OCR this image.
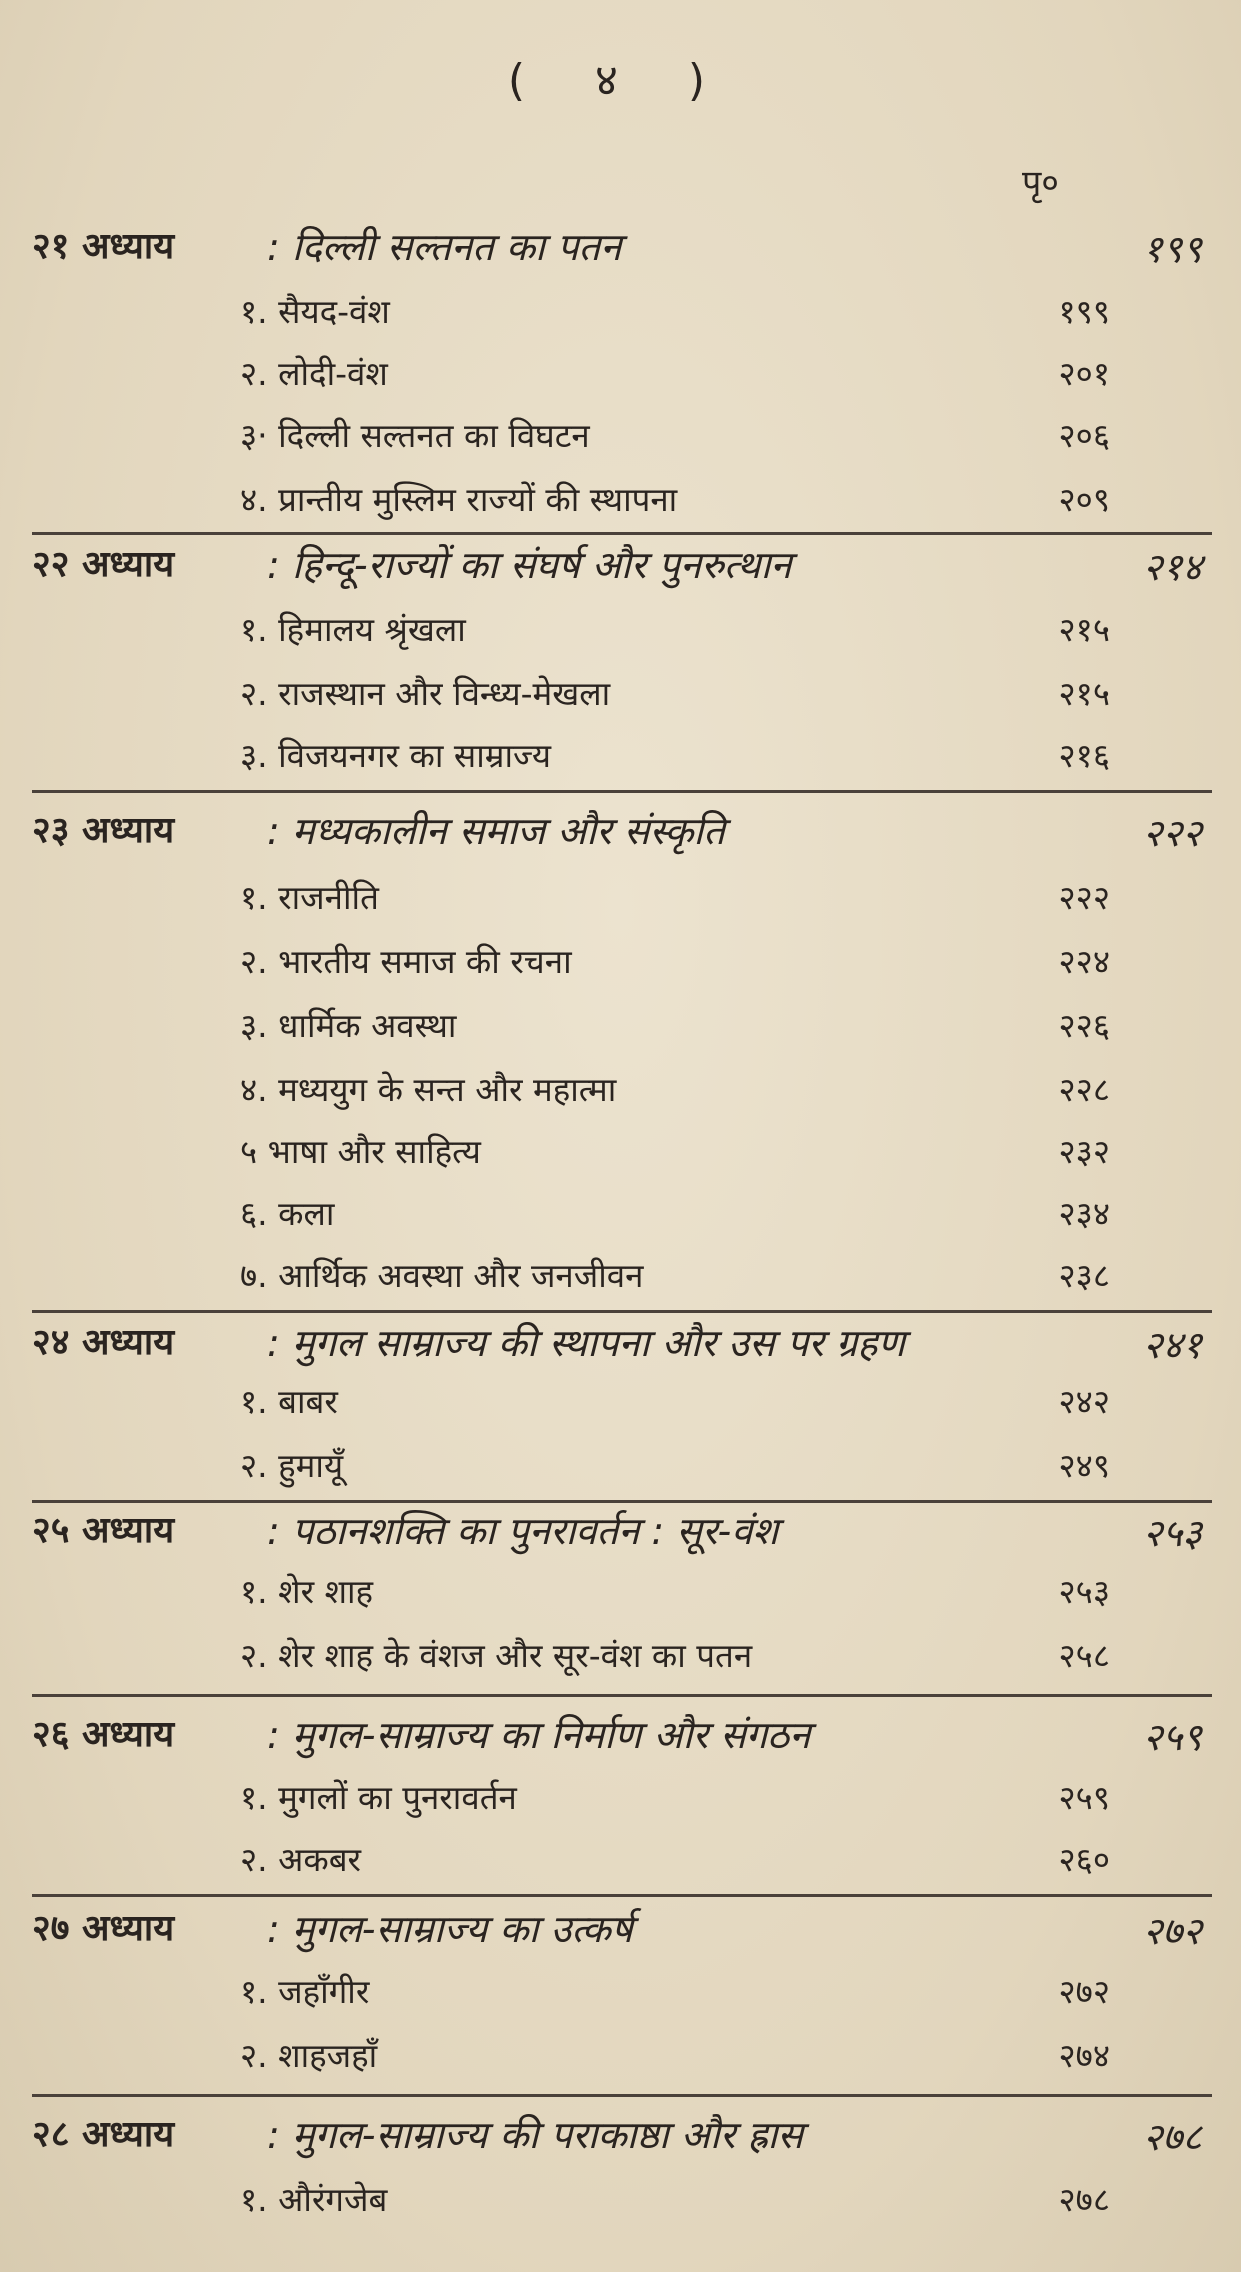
( ४ )
पृ०
२१ अध्याय : दिल्ली सल्तनत का पतन	१९९
१. सैयद-वंश	१९९
२. लोदी-वंश	२०१
३· दिल्ली सल्तनत का विघटन	२०६
४. प्रान्तीय मुस्लिम राज्यों की स्थापना	२०९
२२ अध्याय : हिन्दू-राज्यों का संघर्ष और पुनरुत्थान	२१४
१. हिमालय श्रृंखला	२१५
२. राजस्थान और विन्ध्य-मेखला	२१५
३. विजयनगर का साम्राज्य	२१६
२३ अध्याय : मध्यकालीन समाज और संस्कृति	२२२
१. राजनीति	२२२
२. भारतीय समाज की रचना	२२४
३. धार्मिक अवस्था	२२६
४. मध्ययुग के सन्त और महात्मा	२२८
५ भाषा और साहित्य	२३२
६. कला	२३४
७. आर्थिक अवस्था और जनजीवन	२३८
२४ अध्याय : मुगल साम्राज्य की स्थापना और उस पर ग्रहण	२४१
१. बाबर	२४२
२. हुमायूँ	२४९
२५ अध्याय : पठानशक्ति का पुनरावर्तन : सूर-वंश	२५३
१. शेर शाह	२५३
२. शेर शाह के वंशज और सूर-वंश का पतन	२५८
२६ अध्याय : मुगल-साम्राज्य का निर्माण और संगठन	२५९
१. मुगलों का पुनरावर्तन	२५९
२. अकबर	२६०
२७ अध्याय : मुगल-साम्राज्य का उत्कर्ष	२७२
१. जहाँगीर	२७२
२. शाहजहाँ	२७४
२८ अध्याय : मुगल-साम्राज्य की पराकाष्ठा और ह्रास	२७८
१. औरंगजेब	२७८
